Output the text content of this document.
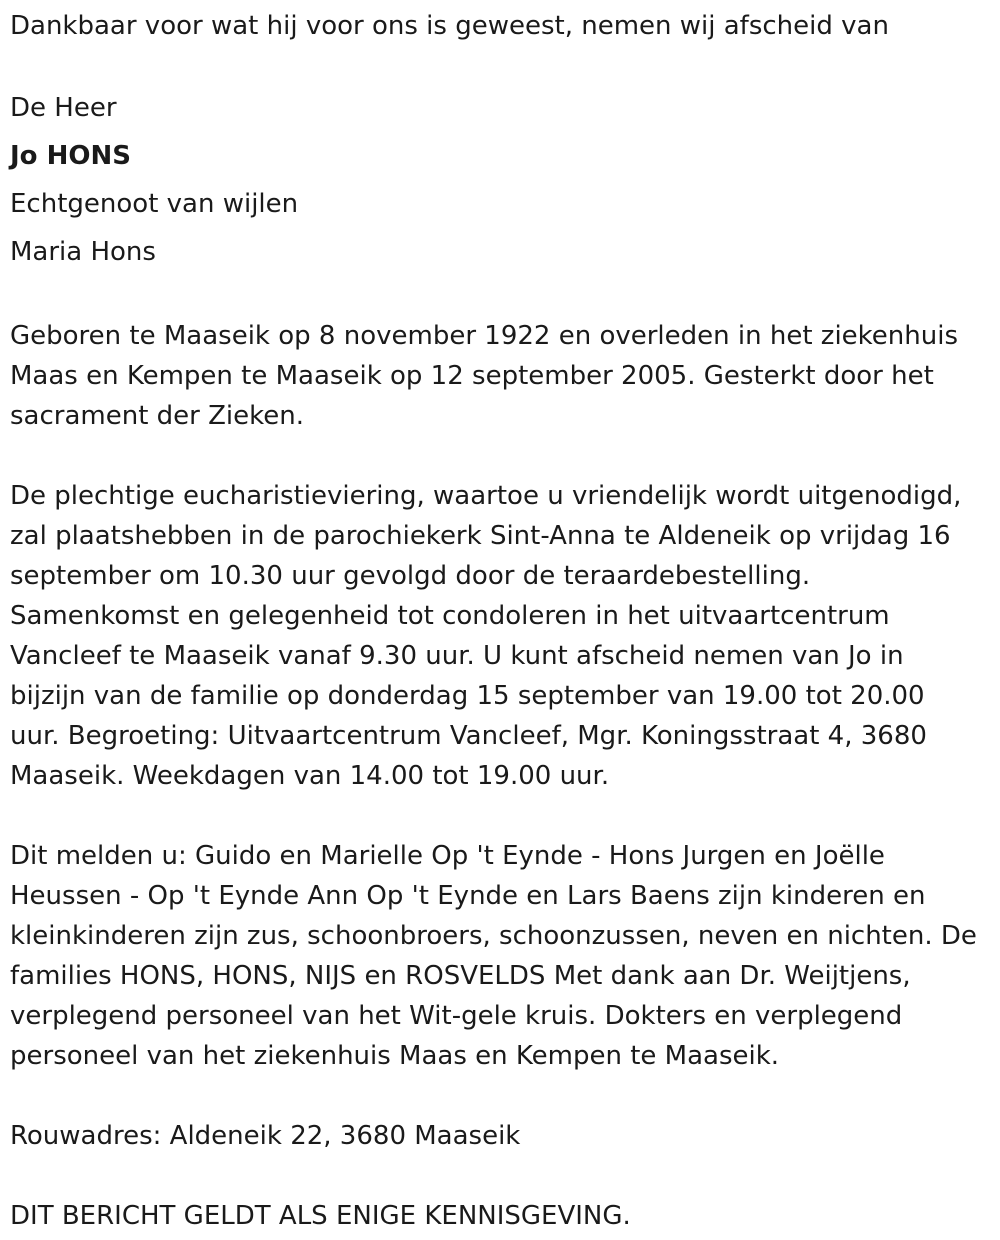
Dankbaar voor wat hij voor ons is geweest, nemen wij afscheid van

De Heer

Jo HONS

Echtgenoot van wijlen

Maria Hons

Geboren te Maaseik op 8 november 1922 en overleden in het ziekenhuis
Maas en Kempen te Maaseik op 12 september 2005. Gesterkt door het
sacrament der Zieken.
De plechtige eucharistieviering, waartoe u vriendelijk wordt uitgenodigd,
zal plaatshebben in de parochiekerk Sint-Anna te Aldeneik op vrijdag 16
september om 10.30 uur gevolgd door de teraardebestelling.
Samenkomst en gelegenheid tot condoleren in het uitvaartcentrum
Vancleef te Maaseik vanaf 9.30 uur. U kunt afscheid nemen van Jo in
bijzijn van de familie op donderdag 15 september van 19.00 tot 20.00
uur. Begroeting: Uitvaartcentrum Vancleef, Mgr. Koningsstraat 4, 3680
Maaseik. Weekdagen van 14.00 tot 19.00 uur.
Dit melden u: Guido en Marielle Op 't Eynde - Hons Jurgen en Joëlle
Heussen - Op 't Eynde Ann Op 't Eynde en Lars Baens zijn kinderen en
kleinkinderen zijn zus, schoonbroers, schoonzussen, neven en nichten. De
families HONS, HONS, NIJS en ROSVELDS Met dank aan Dr. Weijtjens,
verplegend personeel van het Wit-gele kruis. Dokters en verplegend
personeel van het ziekenhuis Maas en Kempen te Maaseik.

Rouwadres: Aldeneik 22, 3680 Maaseik

DIT BERICHT GELDT ALS ENIGE KENNISGEVING.
